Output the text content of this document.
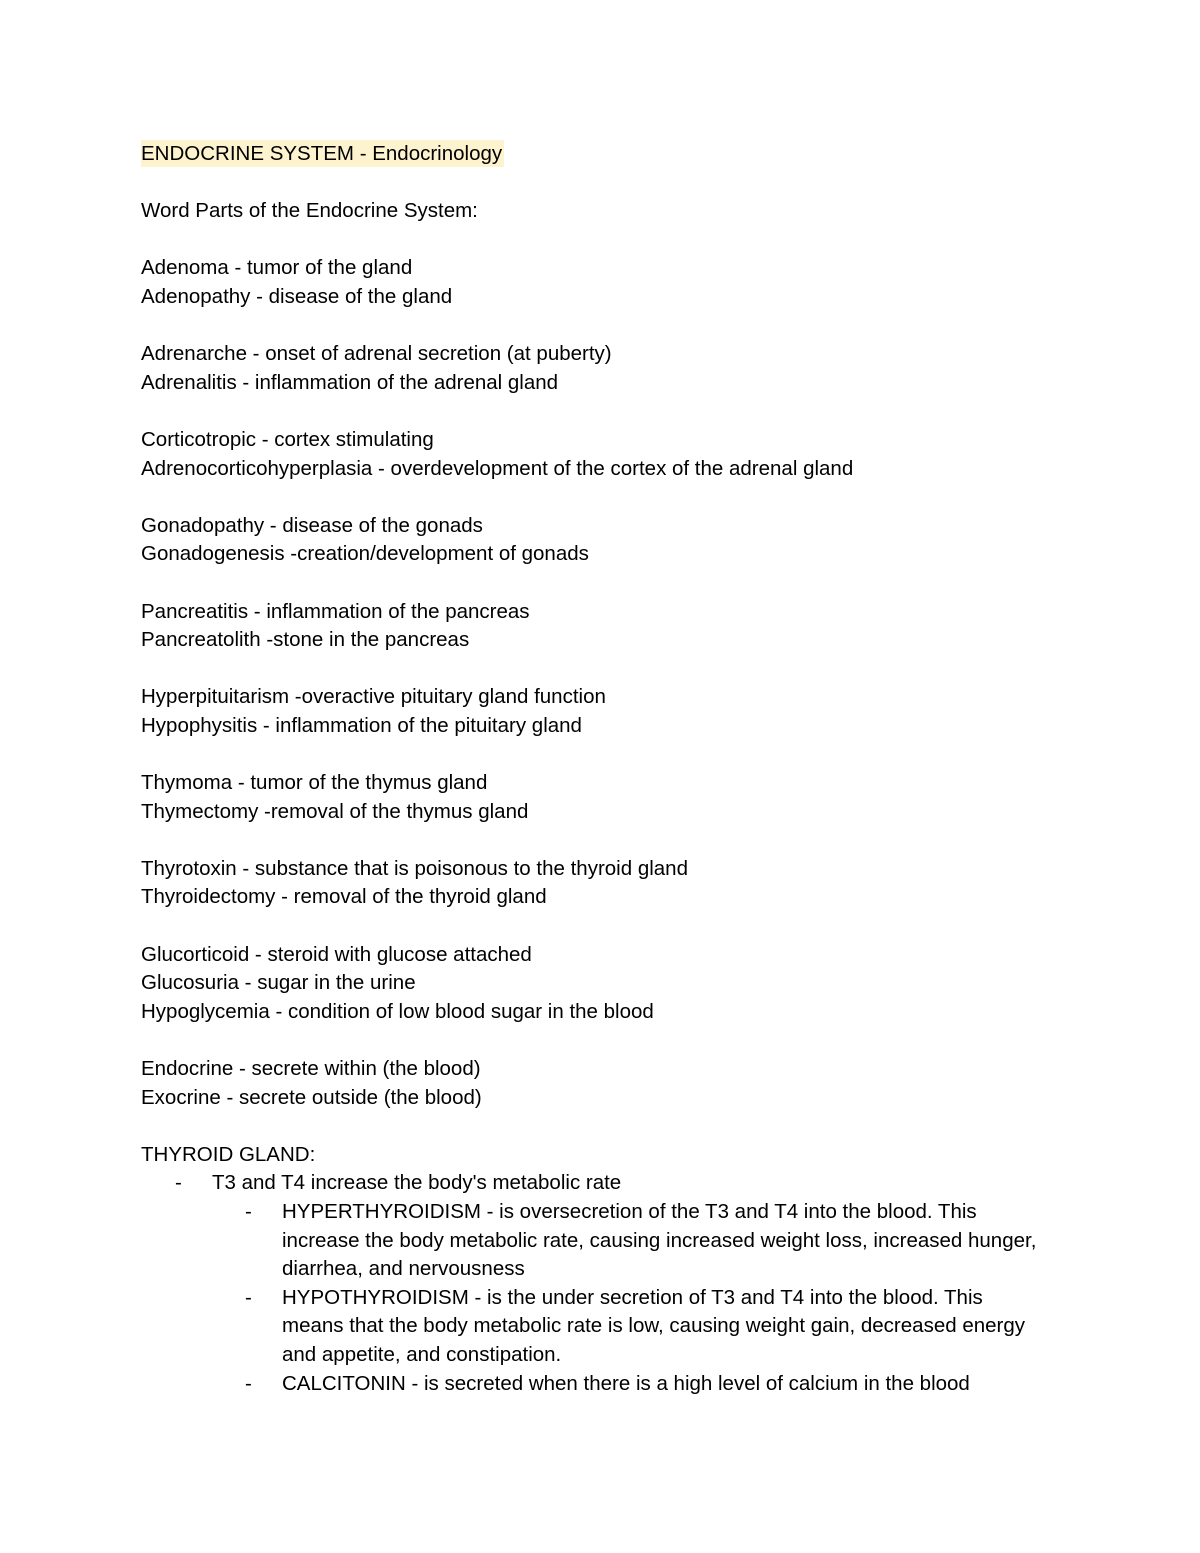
ENDOCRINE SYSTEM - Endocrinology
Word Parts of the Endocrine System:
Adenoma - tumor of the gland
Adenopathy - disease of the gland
Adrenarche - onset of adrenal secretion (at puberty)
Adrenalitis - inflammation of the adrenal gland
Corticotropic - cortex stimulating
Adrenocorticohyperplasia - overdevelopment of the cortex of the adrenal gland
Gonadopathy - disease of the gonads
Gonadogenesis -creation/development of gonads
Pancreatitis - inflammation of the pancreas
Pancreatolith -stone in the pancreas
Hyperpituitarism -overactive pituitary gland function
Hypophysitis - inflammation of the pituitary gland
Thymoma - tumor of the thymus gland
Thymectomy -removal of the thymus gland
Thyrotoxin - substance that is poisonous to the thyroid gland
Thyroidectomy - removal of the thyroid gland
Glucorticoid - steroid with glucose attached
Glucosuria - sugar in the urine
Hypoglycemia - condition of low blood sugar in the blood
Endocrine - secrete within (the blood)
Exocrine - secrete outside (the blood)
THYROID GLAND:
- T3 and T4 increase the body's metabolic rate
- HYPERTHYROIDISM - is oversecretion of the T3 and T4 into the blood. This increase the body metabolic rate, causing increased weight loss, increased hunger, diarrhea, and nervousness
- HYPOTHYROIDISM - is the under secretion of T3 and T4 into the blood. This means that the body metabolic rate is low, causing weight gain, decreased energy and appetite, and constipation.
- CALCITONIN - is secreted when there is a high level of calcium in the blood
